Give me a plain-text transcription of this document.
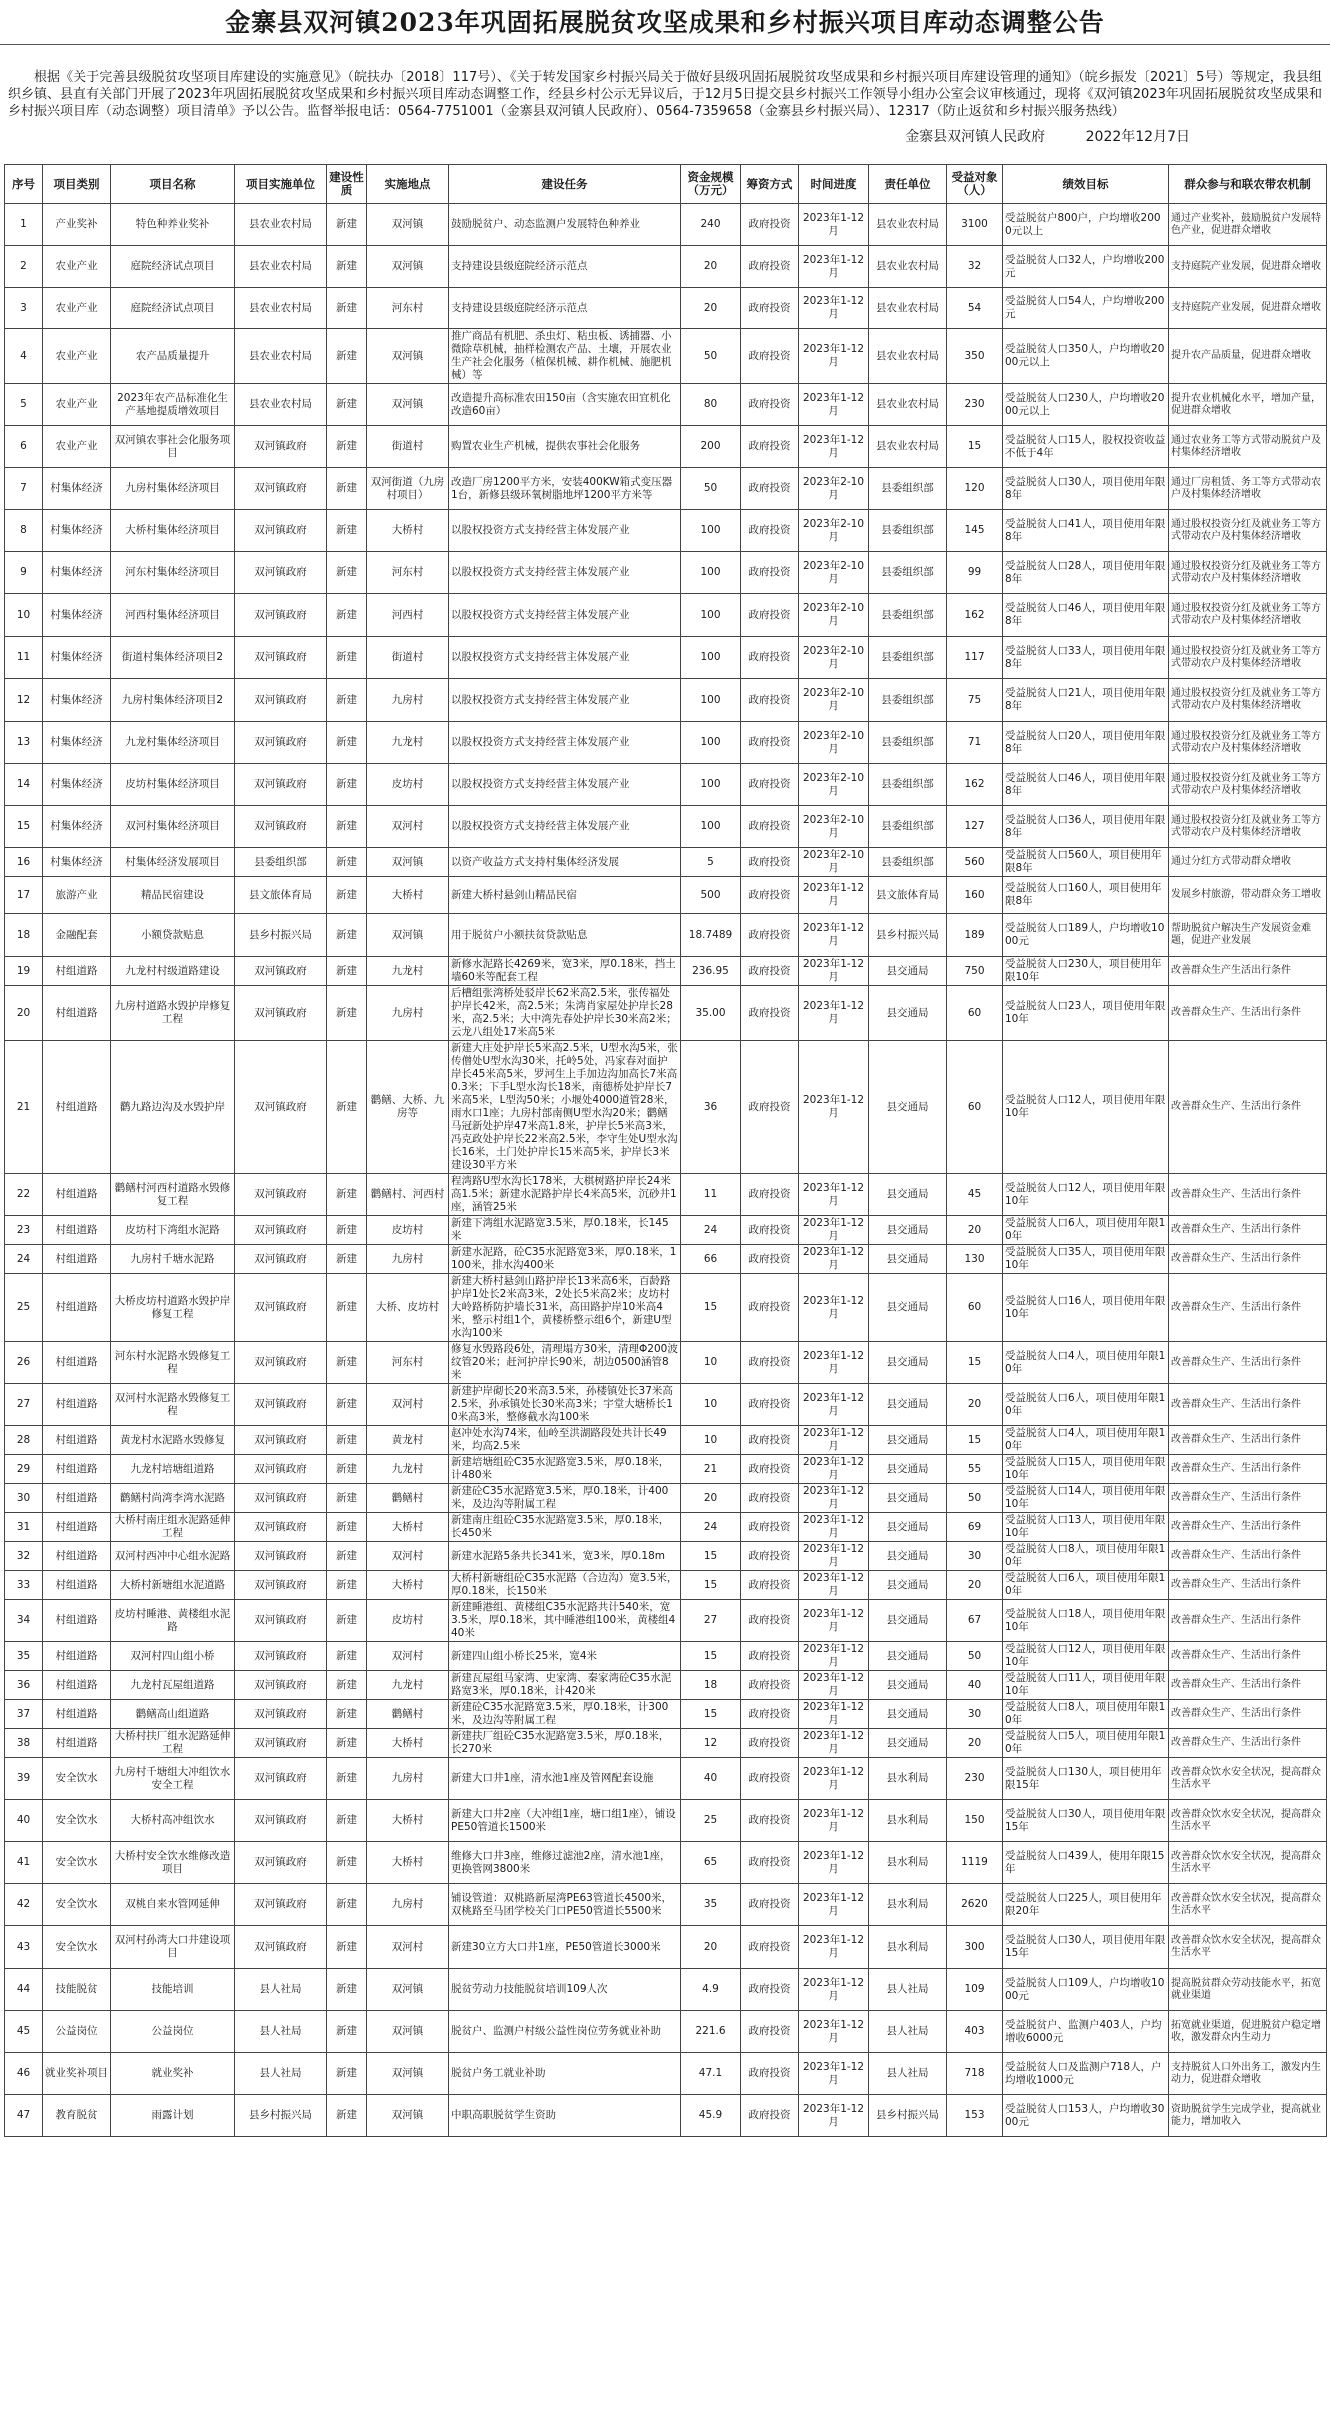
金寨县双河镇2023年巩固拓展脱贫攻坚成果和乡村振兴项目库动态调整公告

根据《关于完善县级脱贫攻坚项目库建设的实施意见》（皖扶办〔2018〕117号）、《关于转发国家乡村振兴局关于做好县级巩固拓展脱贫攻坚成果和乡村振兴项目库建设管理的通知》（皖乡振发〔2021〕5号）等规定，我县组织乡镇、县直有关部门开展了2023年巩固拓展脱贫攻坚成果和乡村振兴项目库动态调整工作，经县乡村公示无异议后，于12月5日提交县乡村振兴工作领导小组办公室会议审核通过，现将《双河镇2023年巩固拓展脱贫攻坚成果和乡村振兴项目库（动态调整）项目清单》予以公告。监督举报电话：0564-7751001（金寨县双河镇人民政府）、0564-7359658（金寨县乡村振兴局）、12317（防止返贫和乡村振兴服务热线）

金寨县双河镇人民政府	2022年12月7日
序号	项目类别	项目名称	项目实施单位	建设性质	实施地点	建设任务	资金规模（万元）	筹资方式	时间进度	责任单位	受益对象（人）	绩效目标	群众参与和联农带农机制
1	产业奖补	特色种养业奖补	县农业农村局	新建	双河镇	鼓励脱贫户、动态监测户发展特色种养业	240	政府投资	2023年1-12月	县农业农村局	3100	受益脱贫户800户，户均增收2000元以上	通过产业奖补，鼓励脱贫户发展特色产业，促进群众增收
2	农业产业	庭院经济试点项目	县农业农村局	新建	双河镇	支持建设县级庭院经济示范点	20	政府投资	2023年1-12月	县农业农村局	32	受益脱贫人口32人，户均增收200元	支持庭院产业发展，促进群众增收
3	农业产业	庭院经济试点项目	县农业农村局	新建	河东村	支持建设县级庭院经济示范点	20	政府投资	2023年1-12月	县农业农村局	54	受益脱贫人口54人，户均增收200元	支持庭院产业发展，促进群众增收
4	农业产业	农产品质量提升	县农业农村局	新建	双河镇	推广商品有机肥、杀虫灯、粘虫板、诱捕器、小微除草机械，抽样检测农产品、土壤，开展农业生产社会化服务（植保机械、耕作机械、施肥机械）等	50	政府投资	2023年1-12月	县农业农村局	350	受益脱贫人口350人，户均增收2000元以上	提升农产品质量，促进群众增收
5	农业产业	2023年农产品标准化生产基地提质增效项目	县农业农村局	新建	双河镇	改造提升高标准农田150亩（含实施农田宜机化改造60亩）	80	政府投资	2023年1-12月	县农业农村局	230	受益脱贫人口230人，户均增收2000元以上	提升农业机械化水平，增加产量，促进群众增收
6	农业产业	双河镇农事社会化服务项目	双河镇政府	新建	街道村	购置农业生产机械，提供农事社会化服务	200	政府投资	2023年1-12月	县农业农村局	15	受益脱贫人口15人，股权投资收益不低于4年	通过农业务工等方式带动脱贫户及村集体经济增收
7	村集体经济	九房村集体经济项目	双河镇政府	新建	双河街道（九房村项目）	改造厂房1200平方米，安装400KW箱式变压器1台，新修县级环氧树脂地坪1200平方米等	50	政府投资	2023年2-10月	县委组织部	120	受益脱贫人口30人，项目使用年限8年	通过厂房租赁、务工等方式带动农户及村集体经济增收
8	村集体经济	大桥村集体经济项目	双河镇政府	新建	大桥村	以股权投资方式支持经营主体发展产业	100	政府投资	2023年2-10月	县委组织部	145	受益脱贫人口41人，项目使用年限8年	通过股权投资分红及就业务工等方式带动农户及村集体经济增收
9	村集体经济	河东村集体经济项目	双河镇政府	新建	河东村	以股权投资方式支持经营主体发展产业	100	政府投资	2023年2-10月	县委组织部	99	受益脱贫人口28人，项目使用年限8年	通过股权投资分红及就业务工等方式带动农户及村集体经济增收
10	村集体经济	河西村集体经济项目	双河镇政府	新建	河西村	以股权投资方式支持经营主体发展产业	100	政府投资	2023年2-10月	县委组织部	162	受益脱贫人口46人，项目使用年限8年	通过股权投资分红及就业务工等方式带动农户及村集体经济增收
11	村集体经济	街道村集体经济项目2	双河镇政府	新建	街道村	以股权投资方式支持经营主体发展产业	100	政府投资	2023年2-10月	县委组织部	117	受益脱贫人口33人，项目使用年限8年	通过股权投资分红及就业务工等方式带动农户及村集体经济增收
12	村集体经济	九房村集体经济项目2	双河镇政府	新建	九房村	以股权投资方式支持经营主体发展产业	100	政府投资	2023年2-10月	县委组织部	75	受益脱贫人口21人，项目使用年限8年	通过股权投资分红及就业务工等方式带动农户及村集体经济增收
13	村集体经济	九龙村集体经济项目	双河镇政府	新建	九龙村	以股权投资方式支持经营主体发展产业	100	政府投资	2023年2-10月	县委组织部	71	受益脱贫人口20人，项目使用年限8年	通过股权投资分红及就业务工等方式带动农户及村集体经济增收
14	村集体经济	皮坊村集体经济项目	双河镇政府	新建	皮坊村	以股权投资方式支持经营主体发展产业	100	政府投资	2023年2-10月	县委组织部	162	受益脱贫人口46人，项目使用年限8年	通过股权投资分红及就业务工等方式带动农户及村集体经济增收
15	村集体经济	双河村集体经济项目	双河镇政府	新建	双河村	以股权投资方式支持经营主体发展产业	100	政府投资	2023年2-10月	县委组织部	127	受益脱贫人口36人，项目使用年限8年	通过股权投资分红及就业务工等方式带动农户及村集体经济增收
16	村集体经济	村集体经济发展项目	县委组织部	新建	双河镇	以资产收益方式支持村集体经济发展	5	政府投资	2023年2-10月	县委组织部	560	受益脱贫人口560人，项目使用年限8年	通过分红方式带动群众增收
17	旅游产业	精品民宿建设	县文旅体育局	新建	大桥村	新建大桥村悬剑山精品民宿	500	政府投资	2023年1-12月	县文旅体育局	160	受益脱贫人口160人，项目使用年限8年	发展乡村旅游，带动群众务工增收
18	金融配套	小额贷款贴息	县乡村振兴局	新建	双河镇	用于脱贫户小额扶贫贷款贴息	18.7489	政府投资	2023年1-12月	县乡村振兴局	189	受益脱贫人口189人，户均增收1000元	帮助脱贫户解决生产发展资金难题，促进产业发展
19	村组道路	九龙村村级道路建设	双河镇政府	新建	九龙村	新修水泥路长4269米，宽3米，厚0.18米，挡土墙60米等配套工程	236.95	政府投资	2023年1-12月	县交通局	750	受益脱贫人口230人，项目使用年限10年	改善群众生产生活出行条件
20	村组道路	九房村道路水毁护岸修复工程	双河镇政府	新建	九房村	后槽组张湾桥处驳岸长62米高2.5米，张传福处护岸长42米，高2.5米；朱湾肖家屋处护岸长28米，高2.5米；大中湾先春处护岸长30米高2米；云龙八组处17米高5米	35.00	政府投资	2023年1-12月	县交通局	60	受益脱贫人口23人，项目使用年限10年	改善群众生产、生活出行条件
21	村组道路	鹳九路边沟及水毁护岸	双河镇政府	新建	鹳鳝、大桥、九房等	新建大庄处护岸长5米高2.5米，U型水沟5米，张传僧处U型水沟30米，托岭5处，冯家春对面护岸长45米高5米，罗河生上手加边沟加高长7米高0.3米；下手L型水沟长18米，南德桥处护岸长7米高5米，L型沟50米；小堰处4000道管28米，雨水口1座；九房村部南侧U型水沟20米；鹳鳝马冠新处护岸47米高1.8米，护岸长5米高3米，冯克政处护岸长22米高2.5米，李守生处U型水沟长16米，土门处护岸长15米高5米，护岸长3米建设30平方米	36	政府投资	2023年1-12月	县交通局	60	受益脱贫人口12人，项目使用年限10年	改善群众生产、生活出行条件
22	村组道路	鹳鳝村河西村道路水毁修复工程	双河镇政府	新建	鹳鳝村、河西村	程湾路U型水沟长178米，大棋树路护岸长24米高1.5米；新建水泥路护岸长4米高5米，沉砂井1座，涵管25米	11	政府投资	2023年1-12月	县交通局	45	受益脱贫人口12人，项目使用年限10年	改善群众生产、生活出行条件
23	村组道路	皮坊村下湾组水泥路	双河镇政府	新建	皮坊村	新建下湾组水泥路宽3.5米，厚0.18米，长145米	24	政府投资	2023年1-12月	县交通局	20	受益脱贫人口6人，项目使用年限10年	改善群众生产、生活出行条件
24	村组道路	九房村千塘水泥路	双河镇政府	新建	九房村	新建水泥路，砼C35水泥路宽3米，厚0.18米，1100米，排水沟400米	66	政府投资	2023年1-12月	县交通局	130	受益脱贫人口35人，项目使用年限10年	改善群众生产、生活出行条件
25	村组道路	大桥皮坊村道路水毁护岸修复工程	双河镇政府	新建	大桥、皮坊村	新建大桥村悬剑山路护岸长13米高6米，百龄路护岸1处长2米高3米，2处长5米高2米；皮坊村大岭路桥防护墙长31米，高田路护岸10米高4米，整示村组1个，黄楼桥整示组6个，新建U型水沟100米	15	政府投资	2023年1-12月	县交通局	60	受益脱贫人口16人，项目使用年限10年	改善群众生产、生活出行条件
26	村组道路	河东村水泥路水毁修复工程	双河镇政府	新建	河东村	修复水毁路段6处，清理塌方30米，清理Φ200波纹管20米；赶河护岸长90米，胡边0500涵管8米	10	政府投资	2023年1-12月	县交通局	15	受益脱贫人口4人，项目使用年限10年	改善群众生产、生活出行条件
27	村组道路	双河村水泥路水毁修复工程	双河镇政府	新建	双河村	新建护岸砌长20米高3.5米，孙楼镇处长37米高2.5米，孙承镇处长30米高3米；宇堂大塘桥长10米高3米，整修截水沟100米	10	政府投资	2023年1-12月	县交通局	20	受益脱贫人口6人，项目使用年限10年	改善群众生产、生活出行条件
28	村组道路	黄龙村水泥路水毁修复	双河镇政府	新建	黄龙村	赵冲处水沟74米，仙岭至洪湖路段处共计长49米，均高2.5米	10	政府投资	2023年1-12月	县交通局	15	受益脱贫人口4人，项目使用年限10年	改善群众生产、生活出行条件
29	村组道路	九龙村培塘组道路	双河镇政府	新建	九龙村	新建培塘组砼C35水泥路宽3.5米，厚0.18米，计480米	21	政府投资	2023年1-12月	县交通局	55	受益脱贫人口15人，项目使用年限10年	改善群众生产、生活出行条件
30	村组道路	鹳鳝村尚湾李湾水泥路	双河镇政府	新建	鹳鳝村	新建砼C35水泥路宽3.5米，厚0.18米，计400米，及边沟等附属工程	20	政府投资	2023年1-12月	县交通局	50	受益脱贫人口14人，项目使用年限10年	改善群众生产、生活出行条件
31	村组道路	大桥村南庄组水泥路延伸工程	双河镇政府	新建	大桥村	新建南庄组砼C35水泥路宽3.5米，厚0.18米，长450米	24	政府投资	2023年1-12月	县交通局	69	受益脱贫人口13人，项目使用年限10年	改善群众生产、生活出行条件
32	村组道路	双河村西冲中心组水泥路	双河镇政府	新建	双河村	新建水泥路5条共长341米，宽3米，厚0.18m	15	政府投资	2023年1-12月	县交通局	30	受益脱贫人口8人，项目使用年限10年	改善群众生产、生活出行条件
33	村组道路	大桥村新塘组水泥道路	双河镇政府	新建	大桥村	大桥村新塘组砼C35水泥路（合边沟）宽3.5米，厚0.18米，长150米	15	政府投资	2023年1-12月	县交通局	20	受益脱贫人口6人，项目使用年限10年	改善群众生产、生活出行条件
34	村组道路	皮坊村睡港、黄楼组水泥路	双河镇政府	新建	皮坊村	新建睡港组、黄楼组C35水泥路共计540米，宽3.5米，厚0.18米，其中睡港组100米，黄楼组440米	27	政府投资	2023年1-12月	县交通局	67	受益脱贫人口18人，项目使用年限10年	改善群众生产、生活出行条件
35	村组道路	双河村四山组小桥	双河镇政府	新建	双河村	新建四山组小桥长25米，宽4米	15	政府投资	2023年1-12月	县交通局	50	受益脱贫人口12人，项目使用年限10年	改善群众生产、生活出行条件
36	村组道路	九龙村瓦屋组道路	双河镇政府	新建	九龙村	新建瓦屋组马家湾、史家湾、秦家湾砼C35水泥路宽3米，厚0.18米，计420米	18	政府投资	2023年1-12月	县交通局	40	受益脱贫人口11人，项目使用年限10年	改善群众生产、生活出行条件
37	村组道路	鹳鳝高山组道路	双河镇政府	新建	鹳鳝村	新建砼C35水泥路宽3.5米，厚0.18米，计300米，及边沟等附属工程	15	政府投资	2023年1-12月	县交通局	30	受益脱贫人口8人，项目使用年限10年	改善群众生产、生活出行条件
38	村组道路	大桥村扶厂组水泥路延伸工程	双河镇政府	新建	大桥村	新建扶厂组砼C35水泥路宽3.5米，厚0.18米，长270米	12	政府投资	2023年1-12月	县交通局	20	受益脱贫人口5人，项目使用年限10年	改善群众生产、生活出行条件
39	安全饮水	九房村千塘组大冲组饮水安全工程	双河镇政府	新建	九房村	新建大口井1座，清水池1座及管网配套设施	40	政府投资	2023年1-12月	县水利局	230	受益脱贫人口130人，项目使用年限15年	改善群众饮水安全状况，提高群众生活水平
40	安全饮水	大桥村高冲组饮水	双河镇政府	新建	大桥村	新建大口井2座（大冲组1座，塘口组1座），铺设PE50管道长1500米	25	政府投资	2023年1-12月	县水利局	150	受益脱贫人口30人，项目使用年限15年	改善群众饮水安全状况，提高群众生活水平
41	安全饮水	大桥村安全饮水维修改造项目	双河镇政府	新建	大桥村	维修大口井3座，维修过滤池2座，清水池1座，更换管网3800米	65	政府投资	2023年1-12月	县水利局	1119	受益脱贫人口439人，使用年限15年	改善群众饮水安全状况，提高群众生活水平
42	安全饮水	双桃自来水管网延伸	双河镇政府	新建	九房村	铺设管道：双桃路新屋湾PE63管道长4500米，双桃路至马团学校关门口PE50管道长5500米	35	政府投资	2023年1-12月	县水利局	2620	受益脱贫人口225人，项目使用年限20年	改善群众饮水安全状况，提高群众生活水平
43	安全饮水	双河村孙湾大口井建设项目	双河镇政府	新建	双河村	新建30立方大口井1座，PE50管道长3000米	20	政府投资	2023年1-12月	县水利局	300	受益脱贫人口30人，项目使用年限15年	改善群众饮水安全状况，提高群众生活水平
44	技能脱贫	技能培训	县人社局	新建	双河镇	脱贫劳动力技能脱贫培训109人次	4.9	政府投资	2023年1-12月	县人社局	109	受益脱贫人口109人，户均增收1000元	提高脱贫群众劳动技能水平，拓宽就业渠道
45	公益岗位	公益岗位	县人社局	新建	双河镇	脱贫户、监测户村级公益性岗位劳务就业补助	221.6	政府投资	2023年1-12月	县人社局	403	受益脱贫户、监测户403人，户均增收6000元	拓宽就业渠道，促进脱贫户稳定增收，激发群众内生动力
46	就业奖补项目	就业奖补	县人社局	新建	双河镇	脱贫户务工就业补助	47.1	政府投资	2023年1-12月	县人社局	718	受益脱贫人口及监测户718人，户均增收1000元	支持脱贫人口外出务工，激发内生动力，促进群众增收
47	教育脱贫	雨露计划	县乡村振兴局	新建	双河镇	中职高职脱贫学生资助	45.9	政府投资	2023年1-12月	县乡村振兴局	153	受益脱贫人口153人，户均增收3000元	资助脱贫学生完成学业，提高就业能力，增加收入
